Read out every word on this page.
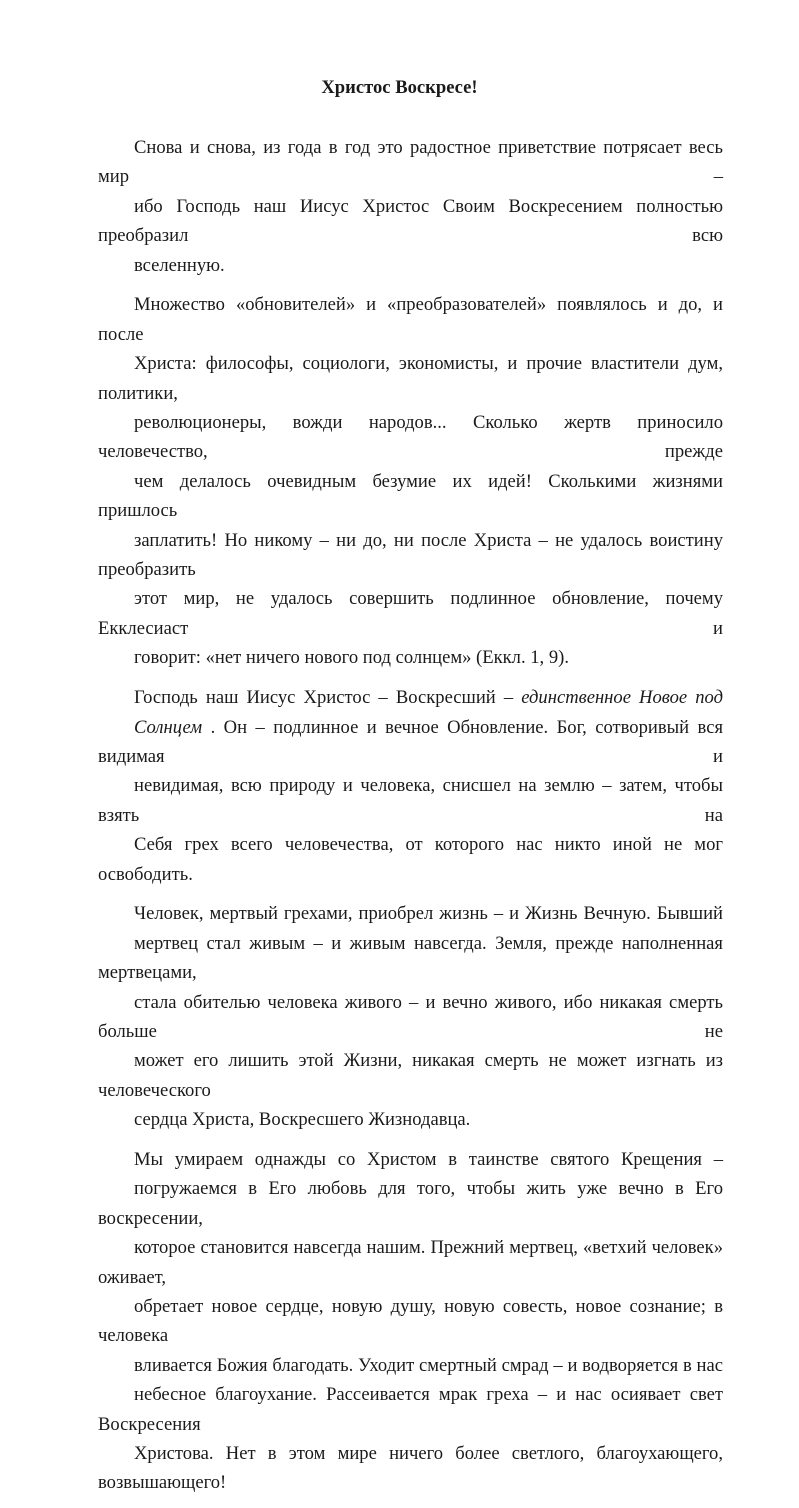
Христос Воскресе!
Снова и снова, из года в год это радостное приветствие потрясает весь мир –
ибо Господь наш Иисус Христос Своим Воскресением полностью преобразил всю
вселенную.
Множество «обновителей» и «преобразователей» появлялось и до, и после
Христа: философы, социологи, экономисты, и прочие властители дум, политики,
революционеры, вожди народов... Сколько жертв приносило человечество, прежде
чем делалось очевидным безумие их идей! Сколькими жизнями пришлось
заплатить! Но никому – ни до, ни после Христа – не удалось воистину преобразить
этот мир, не удалось совершить подлинное обновление, почему Екклесиаст и
говорит: «нет ничего нового под солнцем» (Еккл. 1, 9).
Господь наш Иисус Христос – Воскресший – единственное Новое под
Солнцем . Он – подлинное и вечное Обновление. Бог, сотворивый вся видимая и
невидимая, всю природу и человека, снисшел на землю – затем, чтобы взять на
Себя грех всего человечества, от которого нас никто иной не мог освободить.
Человек, мертвый грехами, приобрел жизнь – и Жизнь Вечную. Бывший
мертвец стал живым – и живым навсегда. Земля, прежде наполненная мертвецами,
стала обителью человека живого – и вечно живого, ибо никакая смерть больше не
может его лишить этой Жизни, никакая смерть не может изгнать из человеческого
сердца Христа, Воскресшего Жизнодавца.
Мы умираем однажды со Христом в таинстве святого Крещения –
погружаемся в Его любовь для того, чтобы жить уже вечно в Его воскресении,
которое становится навсегда нашим. Прежний мертвец, «ветхий человек» оживает,
обретает новое сердце, новую душу, новую совесть, новое сознание; в человека
вливается Божия благодать. Уходит смертный смрад – и водворяется в нас
небесное благоухание. Рассеивается мрак греха – и нас осиявает свет Воскресения
Христова. Нет в этом мире ничего более светлого, благоухающего, возвышающего!
